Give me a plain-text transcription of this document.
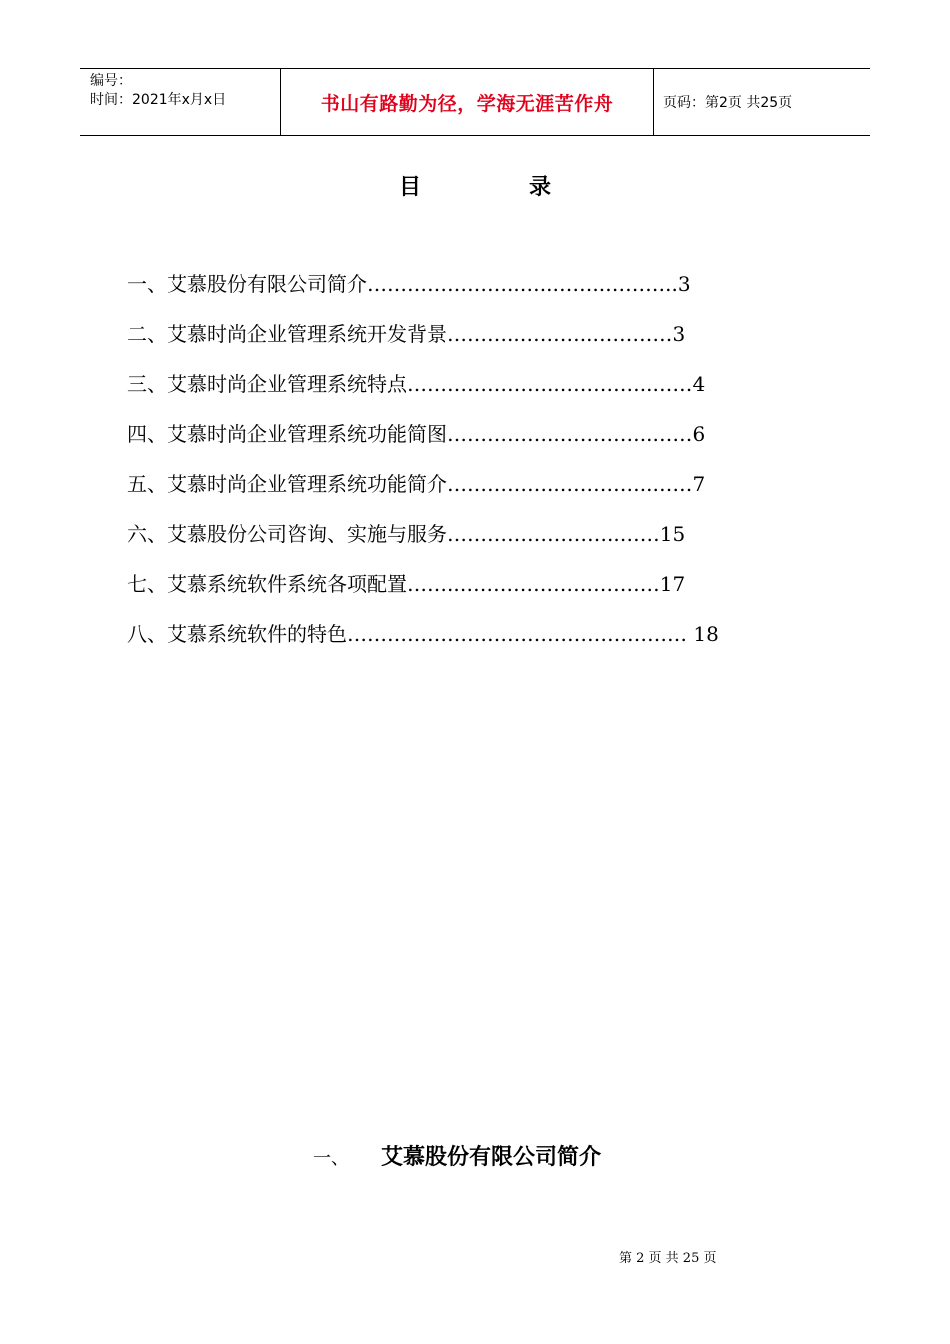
编号：
时间：2021年x月x日	书山有路勤为径，学海无涯苦作舟	页码：第2页 共25页
目	录
一、艾慕股份有限公司简介…………………..…..……..………..3
二、艾慕时尚企业管理系统开发背景………..………..…………3
三、艾慕时尚企业管理系统特点…………………..…………..……4
四、艾慕时尚企业管理系统功能简图……………..…………..……6
五、艾慕时尚企业管理系统功能简介……………..…………..……7
六、艾慕股份公司咨询、实施与服务……………………..……15
七、艾慕系统软件系统各项配置……..…………………………17
八、艾慕系统软件的特色…………………………………………… 18
一、 艾慕股份有限公司简介
第 2 页 共 25 页
